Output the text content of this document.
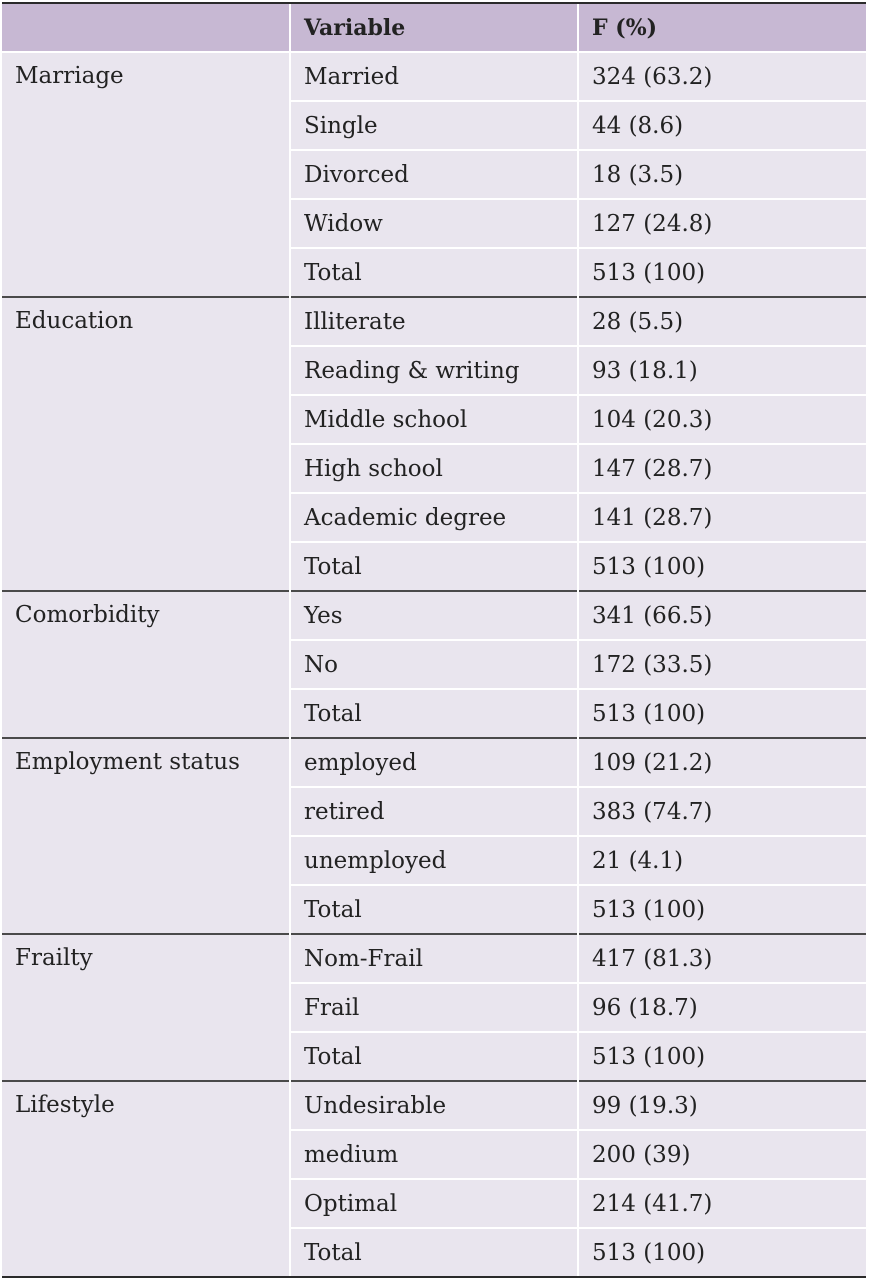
	Variable	F (%)
Marriage	Married	324 (63.2)
	Single	44 (8.6)
	Divorced	18 (3.5)
	Widow	127 (24.8)
	Total	513 (100)
Education	Illiterate	28 (5.5)
	Reading & writing	93 (18.1)
	Middle school	104 (20.3)
	High school	147 (28.7)
	Academic degree	141 (28.7)
	Total	513 (100)
Comorbidity	Yes	341 (66.5)
	No	172 (33.5)
	Total	513 (100)
Employment status	employed	109 (21.2)
	retired	383 (74.7)
	unemployed	21 (4.1)
	Total	513 (100)
Frailty	Nom-Frail	417 (81.3)
	Frail	96 (18.7)
	Total	513 (100)
Lifestyle	Undesirable	99 (19.3)
	medium	200 (39)
	Optimal	214 (41.7)
	Total	513 (100)
